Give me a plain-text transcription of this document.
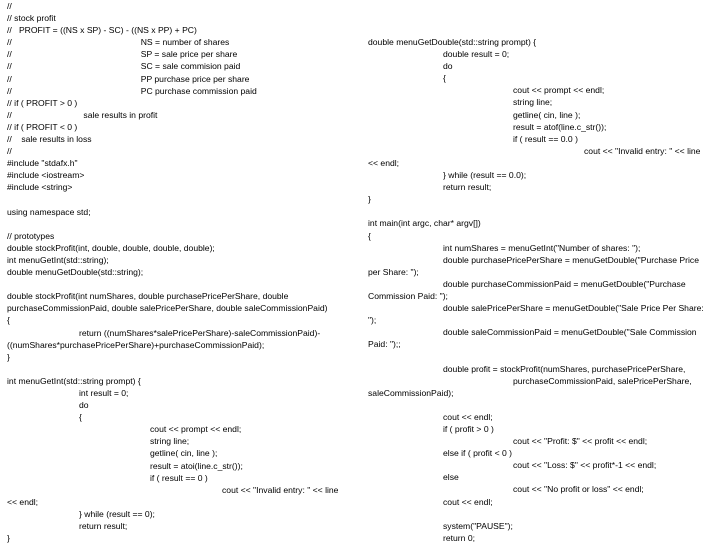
//
// stock profit
//   PROFIT = ((NS x SP) - SC) - ((NS x PP) + PC)
//                                                      NS = number of shares
//                                                      SP = sale price per share
//                                                      SC = sale commision paid
//                                                      PP purchase price per share
//                                                      PC purchase commission paid
// if ( PROFIT > 0 )
//                              sale results in profit
// if ( PROFIT < 0 )
//    sale results in loss
//
#include "stdafx.h"
#include <iostream>
#include <string>
using namespace std;
// prototypes
double stockProfit(int, double, double, double, double);
int menuGetInt(std::string);
double menuGetDouble(std::string);
double stockProfit(int numShares, double purchasePricePerShare, double
purchaseCommissionPaid, double salePricePerShare, double saleCommissionPaid)
{
return ((numShares*salePricePerShare)-saleCommissionPaid)-
((numShares*purchasePricePerShare)+purchaseCommissionPaid);
}
int menuGetInt(std::string prompt) {
int result = 0;
do
{
cout << prompt << endl;
string line;
getline( cin, line );
result = atoi(line.c_str());
if ( result == 0 )
cout << "Invalid entry: " << line
<< endl;
} while (result == 0);
return result;
}
double menuGetDouble(std::string prompt) {
double result = 0;
do
{
cout << prompt << endl;
string line;
getline( cin, line );
result = atof(line.c_str());
if ( result == 0.0 )
cout << "Invalid entry: " << line
<< endl;
} while (result == 0.0);
return result;
}
int main(int argc, char* argv[])
{
int numShares = menuGetInt("Number of shares: ");
double purchasePricePerShare = menuGetDouble("Purchase Price
per Share: ");
double purchaseCommissionPaid = menuGetDouble("Purchase
Commission Paid: ");
double salePricePerShare = menuGetDouble("Sale Price Per Share:
");
double saleCommissionPaid = menuGetDouble("Sale Commission
Paid: ");;
double profit = stockProfit(numShares, purchasePricePerShare,
purchaseCommissionPaid, salePricePerShare,
saleCommissionPaid);
cout << endl;
if ( profit > 0 )
cout << "Profit: $" << profit << endl;
else if ( profit < 0 )
cout << "Loss: $" << profit*-1 << endl;
else
cout << "No profit or loss" << endl;
cout << endl;
system("PAUSE");
return 0;
